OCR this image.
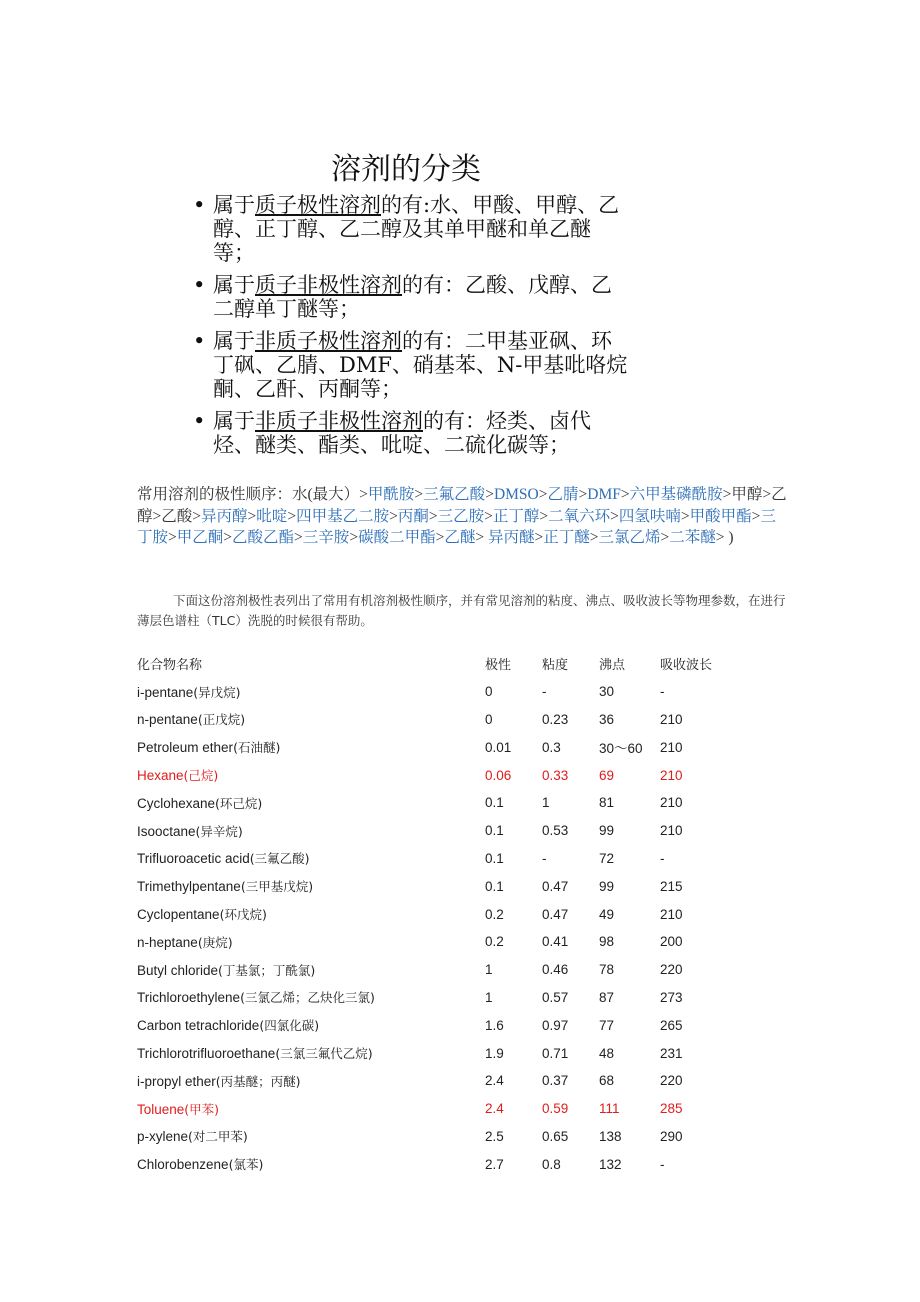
溶剂的分类
• 属于质子极性溶剂的有:水、甲酸、甲醇、乙醇、正丁醇、乙二醇及其单甲醚和单乙醚等；
• 属于质子非极性溶剂的有：乙酸、戊醇、乙二醇单丁醚等；
• 属于非质子极性溶剂的有：二甲基亚砜、环丁砜、乙腈、DMF、硝基苯、N-甲基吡咯烷酮、乙酐、丙酮等；
• 属于非质子非极性溶剂的有：烃类、卤代烃、醚类、酯类、吡啶、二硫化碳等；

常用溶剂的极性顺序：水(最大）>甲酰胺>三氟乙酸>DMSO>乙腈>DMF>六甲基磷酰胺>甲醇>乙醇>乙酸>异丙醇>吡啶>四甲基乙二胺>丙酮>三乙胺>正丁醇>二氧六环>四氢呋喃>甲酸甲酯>三丁胺>甲乙酮>乙酸乙酯>三辛胺>碳酸二甲酯>乙醚> 异丙醚>正丁醚>三氯乙烯>二苯醚> )

下面这份溶剂极性表列出了常用有机溶剂极性顺序，并有常见溶剂的粘度、沸点、吸收波长等物理参数，在进行薄层色谱柱（TLC）洗脱的时候很有帮助。

化合物名称	极性	粘度	沸点	吸收波长
i-pentane(异戊烷)	0	-	30	-
n-pentane(正戊烷)	0	0.23	36	210
Petroleum ether(石油醚)	0.01	0.3	30～60	210
Hexane(己烷)	0.06	0.33	69	210
Cyclohexane(环己烷)	0.1	1	81	210
Isooctane(异辛烷)	0.1	0.53	99	210
Trifluoroacetic acid(三氟乙酸)	0.1	-	72	-
Trimethylpentane(三甲基戊烷)	0.1	0.47	99	215
Cyclopentane(环戊烷)	0.2	0.47	49	210
n-heptane(庚烷)	0.2	0.41	98	200
Butyl chloride(丁基氯；丁酰氯)	1	0.46	78	220
Trichloroethylene(三氯乙烯；乙炔化三氯)	1	0.57	87	273
Carbon tetrachloride(四氯化碳)	1.6	0.97	77	265
Trichlorotrifluoroethane(三氯三氟代乙烷)	1.9	0.71	48	231
i-propyl ether(丙基醚；丙醚)	2.4	0.37	68	220
Toluene(甲苯)	2.4	0.59	111	285
p-xylene(对二甲苯)	2.5	0.65	138	290
Chlorobenzene(氯苯)	2.7	0.8	132	-
